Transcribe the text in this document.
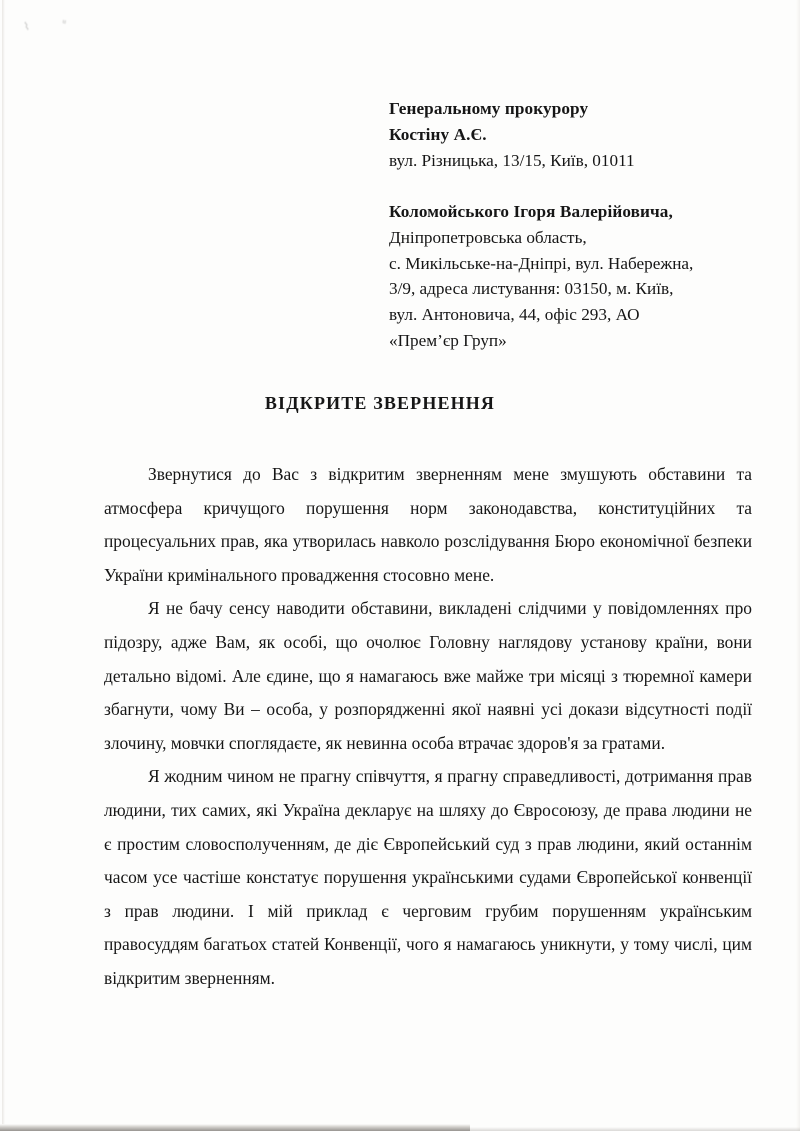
⌇	ᶶ
Генеральному прокурору
Костіну А.Є.
вул. Різницька, 13/15, Київ, 01011
Коломойського Ігоря Валерійовича,
Дніпропетровська область,
с. Микільське-на-Дніпрі, вул. Набережна,
3/9, адреса листування: 03150, м. Київ,
вул. Антоновича, 44, офіс 293, АО
«Прем’єр Груп»
ВІДКРИТЕ ЗВЕРНЕННЯ

Звернутися до Вас з відкритим зверненням мене змушують обставини та атмосфера кричущого порушення норм законодавства, конституційних та процесуальних прав, яка утворилась навколо розслідування Бюро економічної безпеки України кримінального провадження стосовно мене.

Я не бачу сенсу наводити обставини, викладені слідчими у повідомленнях про підозру, адже Вам, як особі, що очолює Головну наглядову установу країни, вони детально відомі. Але єдине, що я намагаюсь вже майже три місяці з тюремної камери збагнути, чому Ви – особа, у розпорядженні якої наявні усі докази відсутності події злочину, мовчки споглядаєте, як невинна особа втрачає здоров'я за гратами.

Я жодним чином не прагну співчуття, я прагну справедливості, дотримання прав людини, тих самих, які Україна декларує на шляху до Євросоюзу, де права людини не є простим словосполученням, де діє Європейський суд з прав людини, який останнім часом усе частіше констатує порушення українськими судами Європейської конвенції з прав людини. І мій приклад є черговим грубим порушенням українським правосуддям багатьох статей Конвенції, чого я намагаюсь уникнути, у тому числі, цим відкритим зверненням.
